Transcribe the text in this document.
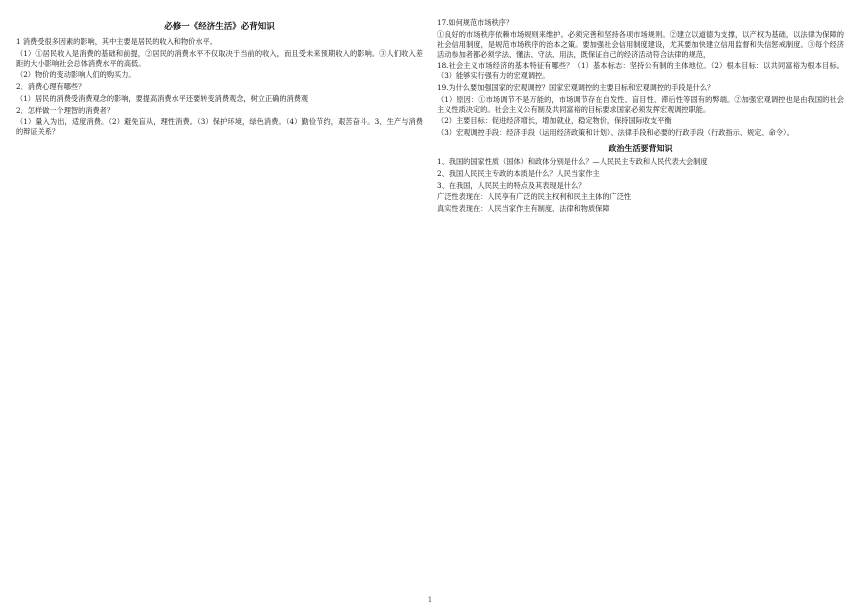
必修一《经济生活》必背知识

1 消费受很多因素的影响，其中主要是居民的收入和物价水平。

（1）①居民收入是消费的基础和前提，②居民的消费水平不仅取决于当前的收入，而且受未来预期收入的影响。③人们收入差距的大小影响社会总体消费水平的高低。

（2）物价的变动影响人们的购买力。

2．消费心理有哪些？

（1）居民的消费受消费观念的影响，要提高消费水平还要转变消费观念，树立正确的消费观

2．怎样做一个理智的消费者？

（1）量入为出，适度消费。（2）避免盲从，理性消费。（3）保护环境，绿色消费。（4）勤俭节约，艰苦奋斗。3、生产与消费的辩证关系？

17.如何规范市场秩序？

①良好的市场秩序依赖市场规则来维护。必须完善和坚持各项市场规则。②建立以道德为支撑，以产权为基础，以法律为保障的社会信用制度，是规范市场秩序的治本之策。要加强社会信用制度建设，尤其要加快建立信用监督和失信惩戒制度。③每个经济活动参加者都必须学法、懂法、守法、用法，既保证自己的经济活动符合法律的规范，

18.社会主义市场经济的基本特征有哪些？（1）基本标志：坚持公有制的主体地位。（2）根本目标：以共同富裕为根本目标。（3）能够实行强有力的宏观调控。

19.为什么要加强国家的宏观调控？国家宏观调控的主要目标和宏观调控的手段是什么？

（1）原因：①市场调节不是万能的，市场调节存在自发性、盲目性、滞后性等固有的弊端。②加强宏观调控也是由我国的社会主义性质决定的。社会主义公有制及共同富裕的目标要求国家必须发挥宏观调控职能。

（2）主要目标：促进经济增长，增加就业，稳定物价，保持国际收支平衡

（3）宏观调控手段：经济手段（运用经济政策和计划）、法律手段和必要的行政手段（行政指示、规定、命令）。

政治生活要背知识

1、我国的国家性质（国体）和政体分别是什么？—人民民主专政和人民代表大会制度

2、我国人民民主专政的本质是什么？人民当家作主

3、在我国，人民民主的特点及其表现是什么？

广泛性表现在：人民享有广泛的民主权利和民主主体的广泛性

真实性表现在：人民当家作主有制度、法律和物质保障

1
